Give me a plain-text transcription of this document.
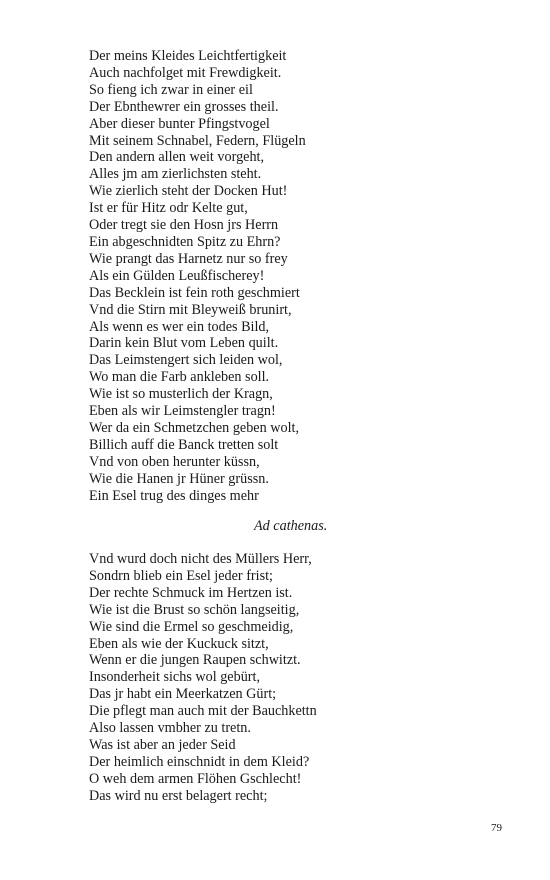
Der meins Kleides Leichtfertigkeit
Auch nachfolget mit Frewdigkeit.
So fieng ich zwar in einer eil
Der Ebnthewrer ein grosses theil.
Aber dieser bunter Pfingstvogel
Mit seinem Schnabel, Federn, Flügeln
Den andern allen weit vorgeht,
Alles jm am zierlichsten steht.
Wie zierlich steht der Docken Hut!
Ist er für Hitz odr Kelte gut,
Oder tregt sie den Hosn jrs Herrn
Ein abgeschnidten Spitz zu Ehrn?
Wie prangt das Harnetz nur so frey
Als ein Gülden Leußfischerey!
Das Becklein ist fein roth geschmiert
Vnd die Stirn mit Bleyweiß brunirt,
Als wenn es wer ein todes Bild,
Darin kein Blut vom Leben quilt.
Das Leimstengert sich leiden wol,
Wo man die Farb ankleben soll.
Wie ist so musterlich der Kragn,
Eben als wir Leimstengler tragn!
Wer da ein Schmetzchen geben wolt,
Billich auff die Banck tretten solt
Vnd von oben herunter küssn,
Wie die Hanen jr Hüner grüssn.
Ein Esel trug des dinges mehr
Ad cathenas.
Vnd wurd doch nicht des Müllers Herr,
Sondrn blieb ein Esel jeder frist;
Der rechte Schmuck im Hertzen ist.
Wie ist die Brust so schön langseitig,
Wie sind die Ermel so geschmeidig,
Eben als wie der Kuckuck sitzt,
Wenn er die jungen Raupen schwitzt.
Insonderheit sichs wol gebürt,
Das jr habt ein Meerkatzen Gürt;
Die pflegt man auch mit der Bauchkettn
Also lassen vmbher zu tretn.
Was ist aber an jeder Seid
Der heimlich einschnidt in dem Kleid?
O weh dem armen Flöhen Gschlecht!
Das wird nu erst belagert recht;
79
